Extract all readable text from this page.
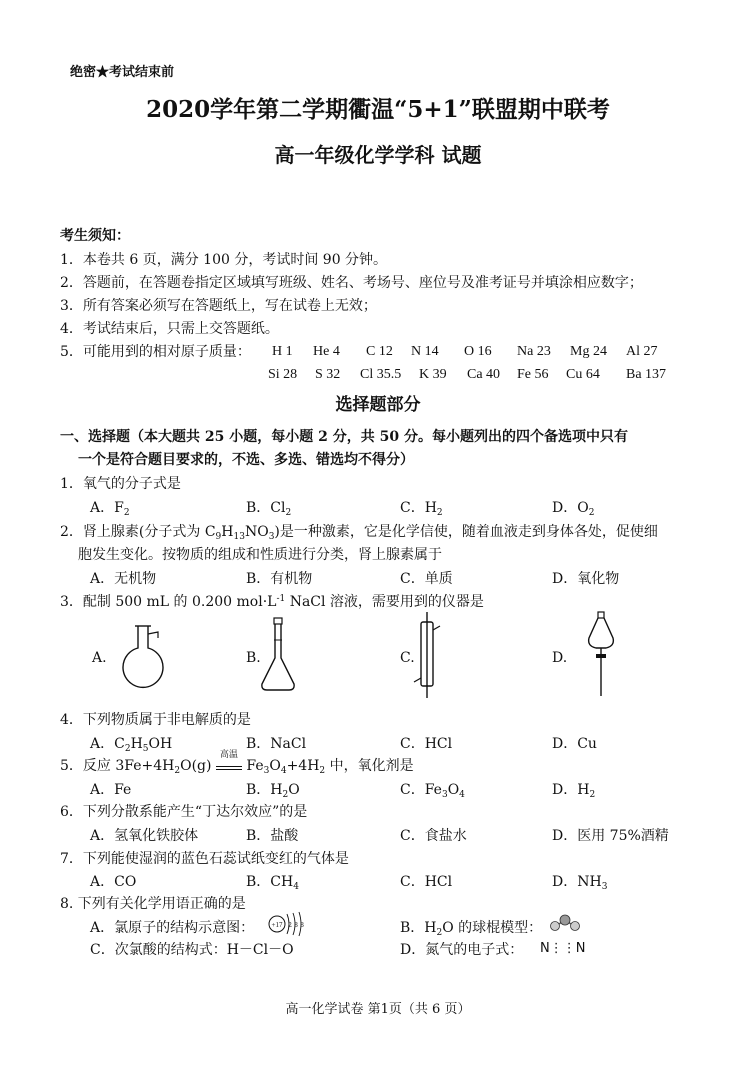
绝密★考试结束前
2020学年第二学期衢温“5+1”联盟期中联考
高一年级化学学科 试题
考生须知：
1．本卷共 6 页，满分 100 分，考试时间 90 分钟。
2．答题前，在答题卷指定区域填写班级、姓名、考场号、座位号及准考证号并填涂相应数字；
3．所有答案必须写在答题纸上，写在试卷上无效；
4．考试结束后，只需上交答题纸。
5．可能用到的相对原子质量： H 1 He 4 C 12 N 14 O 16 Na 23 Mg 24 Al 27
Si 28 S 32 Cl 35.5 K 39 Ca 40 Fe 56 Cu 64 Ba 137
选择题部分
一、选择题（本大题共 25 小题，每小题 2 分，共 50 分。每小题列出的四个备选项中只有
一个是符合题目要求的，不选、多选、错选均不得分）
1．氧气的分子式是
A．$F_2$	B．$Cl_2$	C．$H_2$	D．$O_2$
2．肾上腺素(分子式为 $C_9H_{13}NO_3$)是一种激素，它是化学信使，随着血液走到身体各处，促使细
胞发生变化。按物质的组成和性质进行分类，肾上腺素属于
A．无机物	B．有机物	C．单质	D．氧化物
3．配制 500 mL 的 0.200 $mol\cdot L^{-1}$ NaCl 溶液，需要用到的仪器是
A.	B.	C.	D.
4．下列物质属于非电解质的是
A．$C_2H_5OH$	B．NaCl	C．HCl	D．Cu
5．反应 $3Fe+4H_2O(g)$
高温
$Fe_3O_4+4H_2$ 中，氧化剂是
A．Fe	B．$H_2O$	C．$Fe_3O_4$	D．$H_2$
6．下列分散系能产生“丁达尔效应”的是
A．氢氧化铁胶体	B．盐酸	C．食盐水	D．医用 75%酒精
7．下列能使湿润的蓝色石蕊试纸变红的气体是
A．CO	B．$CH_4$	C．HCl	D．$NH_3$
8. 下列有关化学用语正确的是
A．氯原子的结构示意图： +17 2 8 8	B．$H_2O$ 的球棍模型：
C．次氯酸的结构式：H－Cl－O	D．氮气的电子式： N⋮⋮N
高一化学试卷 第1页（共 6 页）
